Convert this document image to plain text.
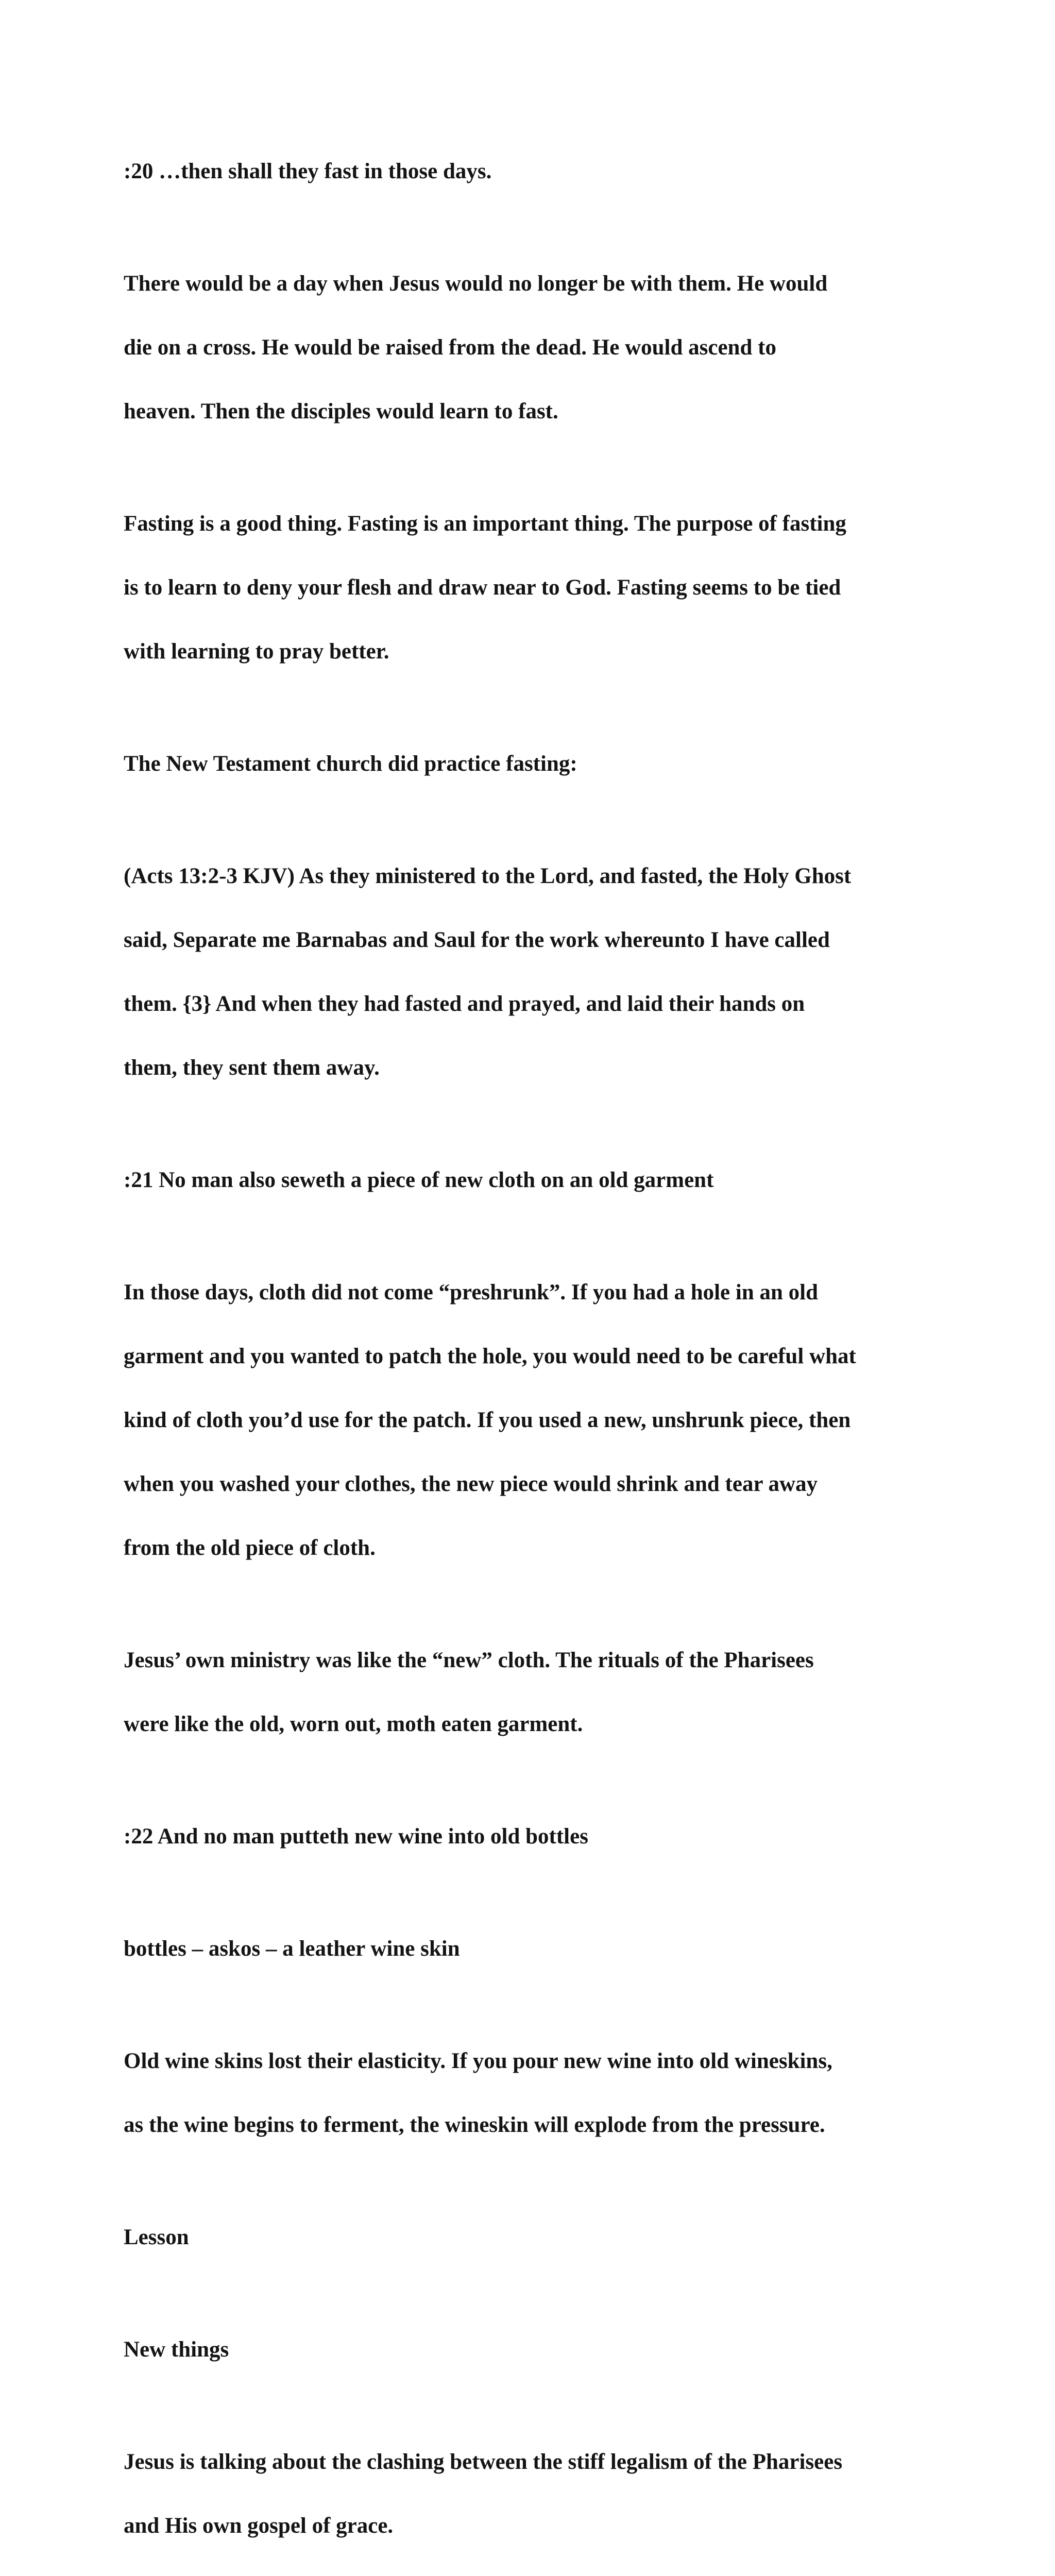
:20 …then shall they fast in those days.

There would be a day when Jesus would no longer be with them. He would

die on a cross. He would be raised from the dead. He would ascend to

heaven. Then the disciples would learn to fast.

Fasting is a good thing. Fasting is an important thing. The purpose of fasting

is to learn to deny your flesh and draw near to God. Fasting seems to be tied

with learning to pray better.

The New Testament church did practice fasting:

(Acts 13:2-3 KJV) As they ministered to the Lord, and fasted, the Holy Ghost

said, Separate me Barnabas and Saul for the work whereunto I have called

them. {3} And when they had fasted and prayed, and laid their hands on

them, they sent them away.

:21 No man also seweth a piece of new cloth on an old garment

In those days, cloth did not come “preshrunk”. If you had a hole in an old

garment and you wanted to patch the hole, you would need to be careful what

kind of cloth you’d use for the patch. If you used a new, unshrunk piece, then

when you washed your clothes, the new piece would shrink and tear away

from the old piece of cloth.

Jesus’ own ministry was like the “new” cloth. The rituals of the Pharisees

were like the old, worn out, moth eaten garment.

:22 And no man putteth new wine into old bottles

bottles – askos – a leather wine skin

Old wine skins lost their elasticity. If you pour new wine into old wineskins,

as the wine begins to ferment, the wineskin will explode from the pressure.

Lesson

New things

Jesus is talking about the clashing between the stiff legalism of the Pharisees

and His own gospel of grace.
